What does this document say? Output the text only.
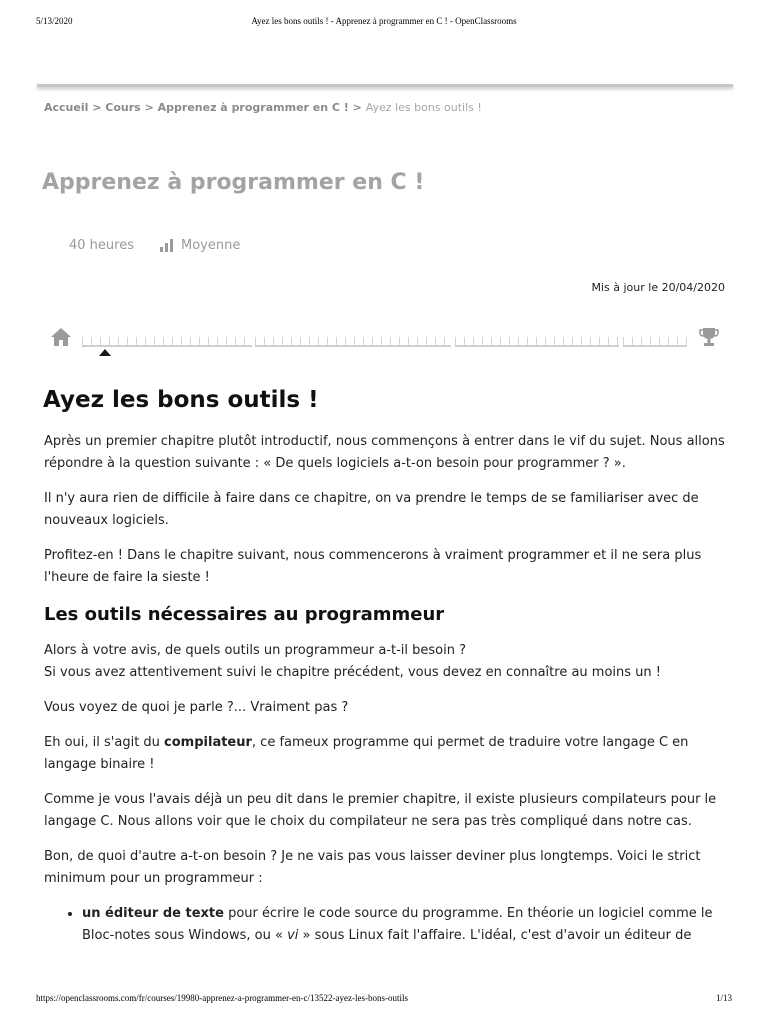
5/13/2020	Ayez les bons outils ! - Apprenez à programmer en C ! - OpenClassrooms
Accueil > Cours > Apprenez à programmer en C ! > Ayez les bons outils !
Apprenez à programmer en C !
40 heures	Moyenne
Mis à jour le 20/04/2020
Ayez les bons outils !

Après un premier chapitre plutôt introductif, nous commençons à entrer dans le vif du sujet. Nous allons répondre à la question suivante : « De quels logiciels a-t-on besoin pour programmer ? ».

Il n'y aura rien de difficile à faire dans ce chapitre, on va prendre le temps de se familiariser avec de nouveaux logiciels.

Profitez-en ! Dans le chapitre suivant, nous commencerons à vraiment programmer et il ne sera plus l'heure de faire la sieste !

Les outils nécessaires au programmeur

Alors à votre avis, de quels outils un programmeur a-t-il besoin ?
Si vous avez attentivement suivi le chapitre précédent, vous devez en connaître au moins un !

Vous voyez de quoi je parle ?... Vraiment pas ?

Eh oui, il s'agit du compilateur, ce fameux programme qui permet de traduire votre langage C en langage binaire !

Comme je vous l'avais déjà un peu dit dans le premier chapitre, il existe plusieurs compilateurs pour le langage C. Nous allons voir que le choix du compilateur ne sera pas très compliqué dans notre cas.

Bon, de quoi d'autre a-t-on besoin ? Je ne vais pas vous laisser deviner plus longtemps. Voici le strict minimum pour un programmeur :

• un éditeur de texte pour écrire le code source du programme. En théorie un logiciel comme le Bloc-notes sous Windows, ou « vi » sous Linux fait l'affaire. L'idéal, c'est d'avoir un éditeur de
https://openclassrooms.com/fr/courses/19980-apprenez-a-programmer-en-c/13522-ayez-les-bons-outils	1/13
